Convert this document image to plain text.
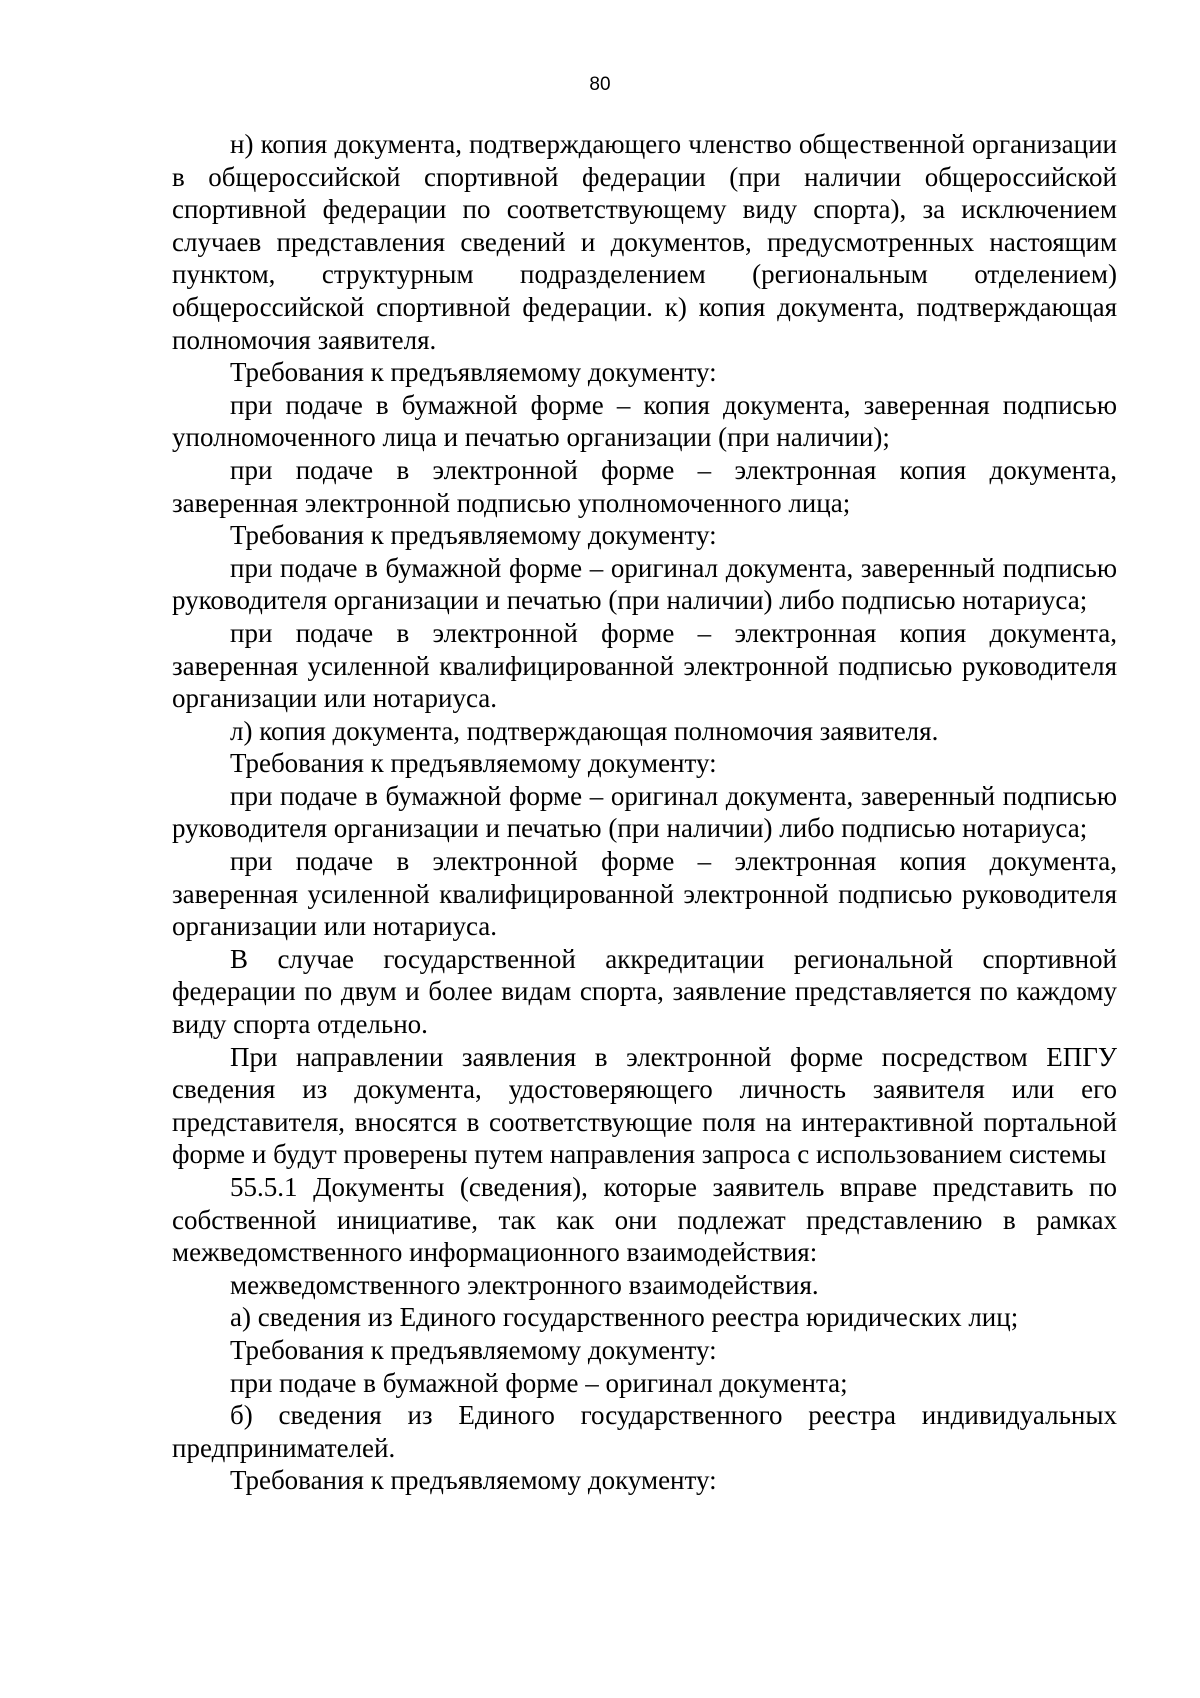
80

н) копия документа, подтверждающего членство общественной организации в общероссийской спортивной федерации (при наличии общероссийской спортивной федерации по соответствующему виду спорта), за исключением случаев представления сведений и документов, предусмотренных настоящим пунктом, структурным подразделением (региональным отделением) общероссийской спортивной федерации. к) копия документа, подтверждающая полномочия заявителя.

Требования к предъявляемому документу:

при подаче в бумажной форме – копия документа, заверенная подписью уполномоченного лица и печатью организации (при наличии);

при подаче в электронной форме – электронная копия документа, заверенная электронной подписью уполномоченного лица;

Требования к предъявляемому документу:

при подаче в бумажной форме – оригинал документа, заверенный подписью руководителя организации и печатью (при наличии) либо подписью нотариуса;

при подаче в электронной форме – электронная копия документа, заверенная усиленной квалифицированной электронной подписью руководителя организации или нотариуса.

л) копия документа, подтверждающая полномочия заявителя.

Требования к предъявляемому документу:

при подаче в бумажной форме – оригинал документа, заверенный подписью руководителя организации и печатью (при наличии) либо подписью нотариуса;

при подаче в электронной форме – электронная копия документа, заверенная усиленной квалифицированной электронной подписью руководителя организации или нотариуса.

В случае государственной аккредитации региональной спортивной федерации по двум и более видам спорта, заявление представляется по каждому виду спорта отдельно.

При направлении заявления в электронной форме посредством ЕПГУ сведения из документа, удостоверяющего личность заявителя или его представителя, вносятся в соответствующие поля на интерактивной портальной форме и будут проверены путем направления запроса с использованием системы

55.5.1 Документы (сведения), которые заявитель вправе представить по собственной инициативе, так как они подлежат представлению в рамках межведомственного информационного взаимодействия:

межведомственного электронного взаимодействия.

а) сведения из Единого государственного реестра юридических лиц;

Требования к предъявляемому документу:

при подаче в бумажной форме – оригинал документа;

б) сведения из Единого государственного реестра индивидуальных предпринимателей.

Требования к предъявляемому документу:
